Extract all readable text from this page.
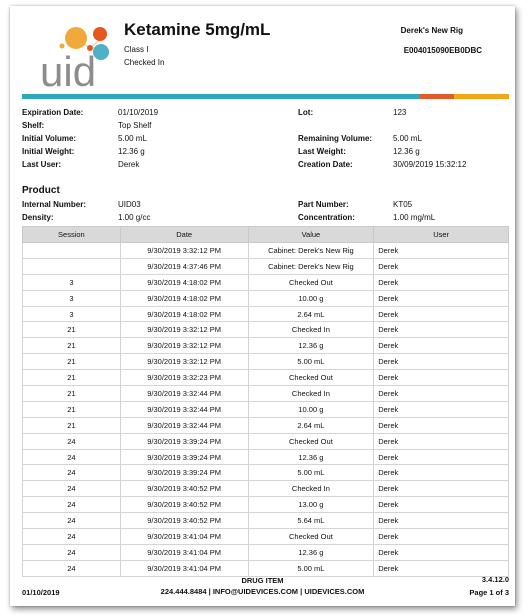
uid
Ketamine 5mg/mL
Class I
Checked In
Derek's New Rig
E004015090EB0DBC
Expiration Date:	01/10/2019
Shelf:	Top Shelf
Initial Volume:	5.00 mL
Initial Weight:	12.36 g
Last User:	Derek
Lot:	123
Remaining Volume:	5.00 mL
Last Weight:	12.36 g
Creation Date:	30/09/2019 15:32:12
Product
Internal Number:	UID03
Density:	1.00 g/cc
Part Number:	KT05
Concentration:	1.00 mg/mL
Session	Date	Value	User
	9/30/2019 3:32:12 PM	Cabinet: Derek's New Rig	Derek
	9/30/2019 4:37:46 PM	Cabinet: Derek's New Rig	Derek
3	9/30/2019 4:18:02 PM	Checked Out	Derek
3	9/30/2019 4:18:02 PM	10.00 g	Derek
3	9/30/2019 4:18:02 PM	2.64 mL	Derek
21	9/30/2019 3:32:12 PM	Checked In	Derek
21	9/30/2019 3:32:12 PM	12.36 g	Derek
21	9/30/2019 3:32:12 PM	5.00 mL	Derek
21	9/30/2019 3:32:23 PM	Checked Out	Derek
21	9/30/2019 3:32:44 PM	Checked In	Derek
21	9/30/2019 3:32:44 PM	10.00 g	Derek
21	9/30/2019 3:32:44 PM	2.64 mL	Derek
24	9/30/2019 3:39:24 PM	Checked Out	Derek
24	9/30/2019 3:39:24 PM	12.36 g	Derek
24	9/30/2019 3:39:24 PM	5.00 mL	Derek
24	9/30/2019 3:40:52 PM	Checked In	Derek
24	9/30/2019 3:40:52 PM	13.00 g	Derek
24	9/30/2019 3:40:52 PM	5.64 mL	Derek
24	9/30/2019 3:41:04 PM	Checked Out	Derek
24	9/30/2019 3:41:04 PM	12.36 g	Derek
24	9/30/2019 3:41:04 PM	5.00 mL	Derek
01/10/2019
DRUG ITEM
224.444.8484 | INFO@UIDEVICES.COM | UIDEVICES.COM
3.4.12.0
Page 1 of 3
